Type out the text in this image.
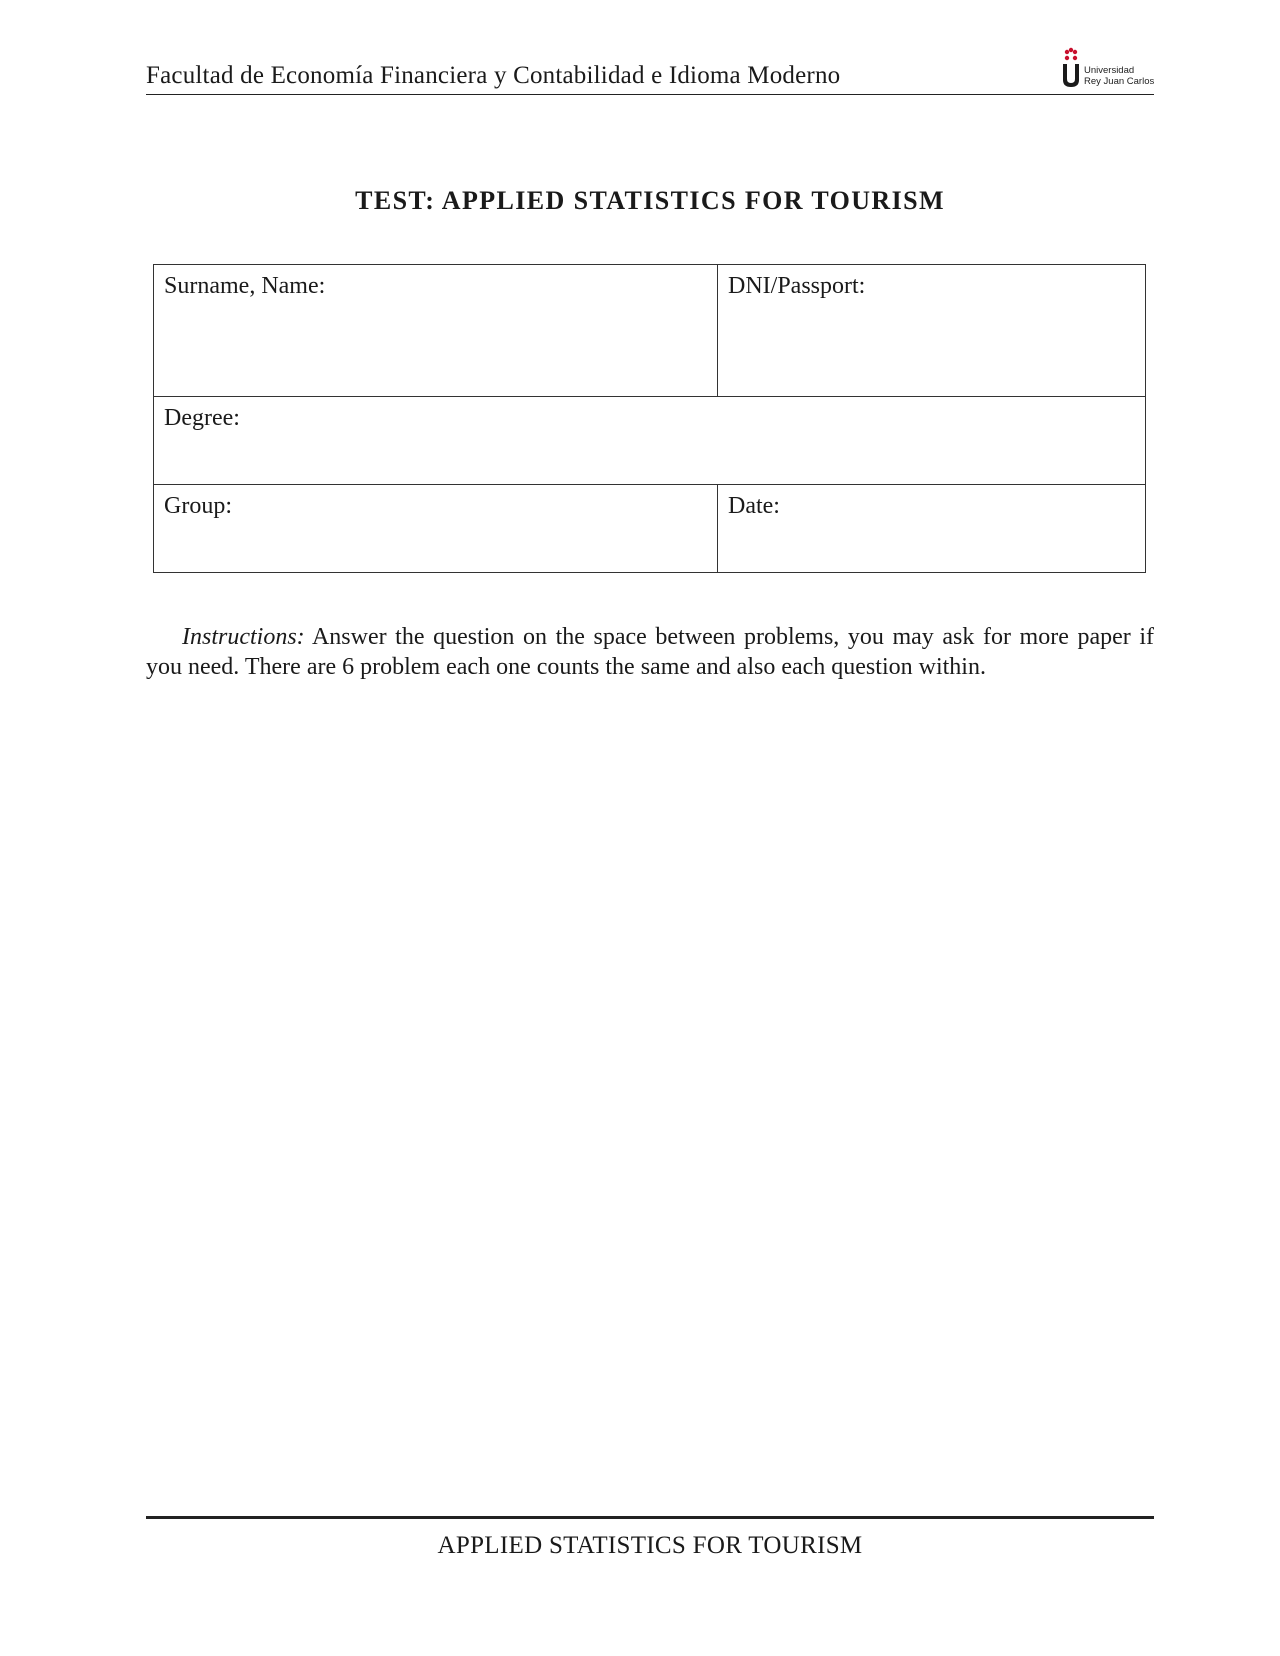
Facultad de Economía Financiera y Contabilidad e Idioma Moderno	Universidad
Rey Juan Carlos
TEST: APPLIED STATISTICS FOR TOURISM
Surname, Name:	DNI/Passport:
Degree:	
Group:	Date:
Instructions: Answer the question on the space between problems, you may ask for more paper if you need. There are 6 problem each one counts the same and also each question within.
APPLIED STATISTICS FOR TOURISM
